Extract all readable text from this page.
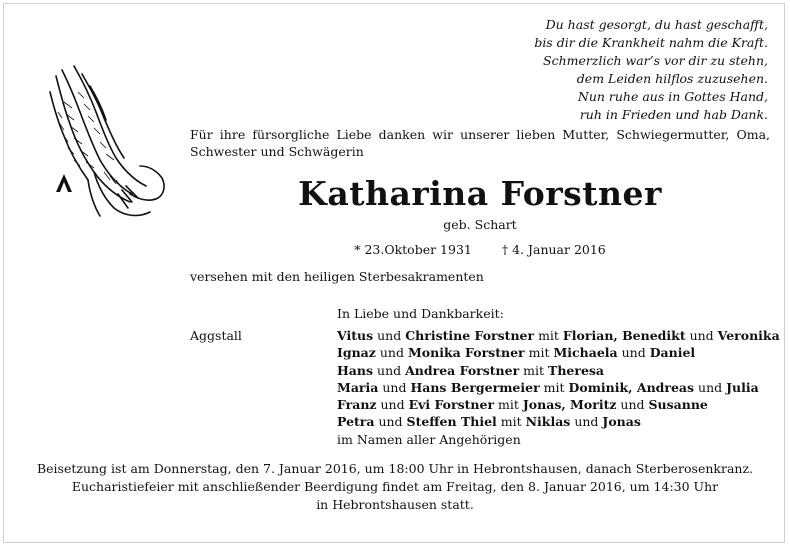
Du hast gesorgt, du hast geschafft,
bis dir die Krankheit nahm die Kraft.
Schmerzlich war’s vor dir zu stehn,
dem Leiden hilflos zuzusehen.
Nun ruhe aus in Gottes Hand,
ruh in Frieden und hab Dank.
Für ihre fürsorgliche Liebe danken wir unserer lieben Mutter, Schwiegermutter, Oma, Schwester und Schwägerin
Katharina Forstner
geb. Schart
* 23.Oktober 1931 † 4. Januar 2016
versehen mit den heiligen Sterbesakramenten
In Liebe und Dankbarkeit:
Aggstall	Vitus und Christine Forstner mit Florian, Benedikt und Veronika
Ignaz und Monika Forstner mit Michaela und Daniel
Hans und Andrea Forstner mit Theresa
Maria und Hans Bergermeier mit Dominik, Andreas und Julia
Franz und Evi Forstner mit Jonas, Moritz und Susanne
Petra und Steffen Thiel mit Niklas und Jonas
im Namen aller Angehörigen
Beisetzung ist am Donnerstag, den 7. Januar 2016, um 18:00 Uhr in Hebrontshausen, danach Sterberosenkranz.
Eucharistiefeier mit anschließender Beerdigung findet am Freitag, den 8. Januar 2016, um 14:30 Uhr
in Hebrontshausen statt.
